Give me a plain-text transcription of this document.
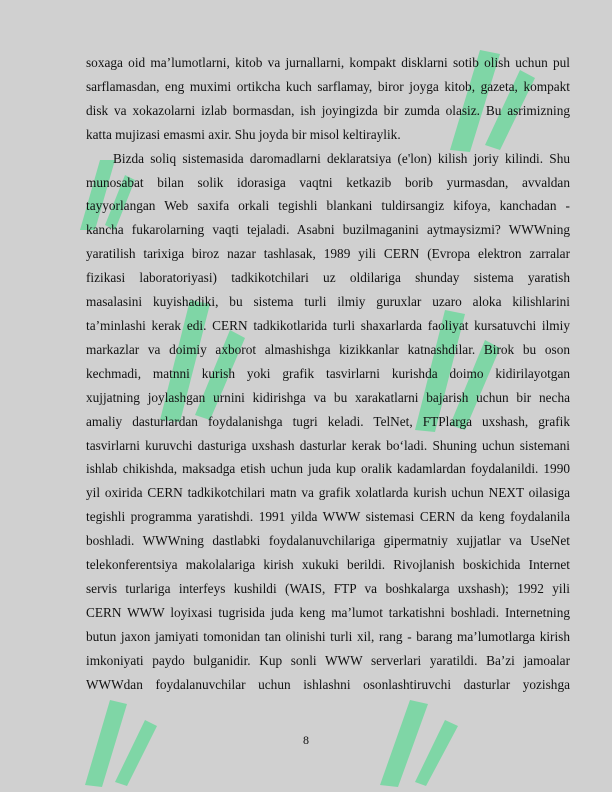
soxaga oid ma’lumotlarni, kitob va jurnallarni, kompakt disklarni sotib olish uchun pul
sarflamasdan, eng muximi ortikcha kuch sarflamay, biror joyga kitob, gazeta, kompakt
disk va xokazolarni izlab bormasdan, ish joyingizda bir zumda olasiz. Bu asrimizning
katta mujizasi emasmi axir. Shu joyda bir misol keltiraylik.

Bizda soliq sistemasida daromadlarni deklaratsiya (e'lon) kilish joriy kilindi. Shu
munosabat bilan solik idorasiga vaqtni ketkazib borib yurmasdan, avvaldan
tayyorlangan Web saxifa orkali tegishli blankani tuldirsangiz kifoya, kanchadan -
kancha fukarolarning vaqti tejaladi. Asabni buzilmaganini aytmaysizmi? WWWning
yaratilish tarixiga biroz nazar tashlasak, 1989 yili CERN (Evropa elektron zarralar
fizikasi laboratoriyasi) tadkikotchilari uz oldilariga shunday sistema yaratish
masalasini kuyishadiki, bu sistema turli ilmiy guruxlar uzaro aloka kilishlarini
ta’minlashi kerak edi. CERN tadkikotlarida turli shaxarlarda faoliyat kursatuvchi ilmiy
markazlar va doimiy axborot almashishga kizikkanlar katnashdilar. Birok bu oson
kechmadi, matnni kurish yoki grafik tasvirlarni kurishda doimo kidirilayotgan
xujjatning joylashgan urnini kidirishga va bu xarakatlarni bajarish uchun bir necha
amaliy dasturlardan foydalanishga tugri keladi. TelNet, FTPlarga uxshash, grafik
tasvirlarni kuruvchi dasturiga uxshash dasturlar kerak bo‘ladi. Shuning uchun sistemani
ishlab chikishda, maksadga etish uchun juda kup oralik kadamlardan foydalanildi. 1990
yil oxirida CERN tadkikotchilari matn va grafik xolatlarda kurish uchun NEXT oilasiga
tegishli programma yaratishdi. 1991 yilda WWW sistemasi CERN da keng foydalanila
boshladi. WWWning dastlabki foydalanuvchilariga gipermatniy xujjatlar va UseNet
telekonferentsiya makolalariga kirish xukuki berildi. Rivojlanish boskichida Internet
servis turlariga interfeys kushildi (WAIS, FTP va boshkalarga uxshash); 1992 yili
CERN WWW loyixasi tugrisida juda keng ma’lumot tarkatishni boshladi. Internetning
butun jaxon jamiyati tomonidan tan olinishi turli xil, rang - barang ma’lumotlarga kirish
imkoniyati paydo bulganidir. Kup sonli WWW serverlari yaratildi. Ba’zi jamoalar
WWWdan foydalanuvchilar uchun ishlashni osonlashtiruvchi dasturlar yozishga

8
